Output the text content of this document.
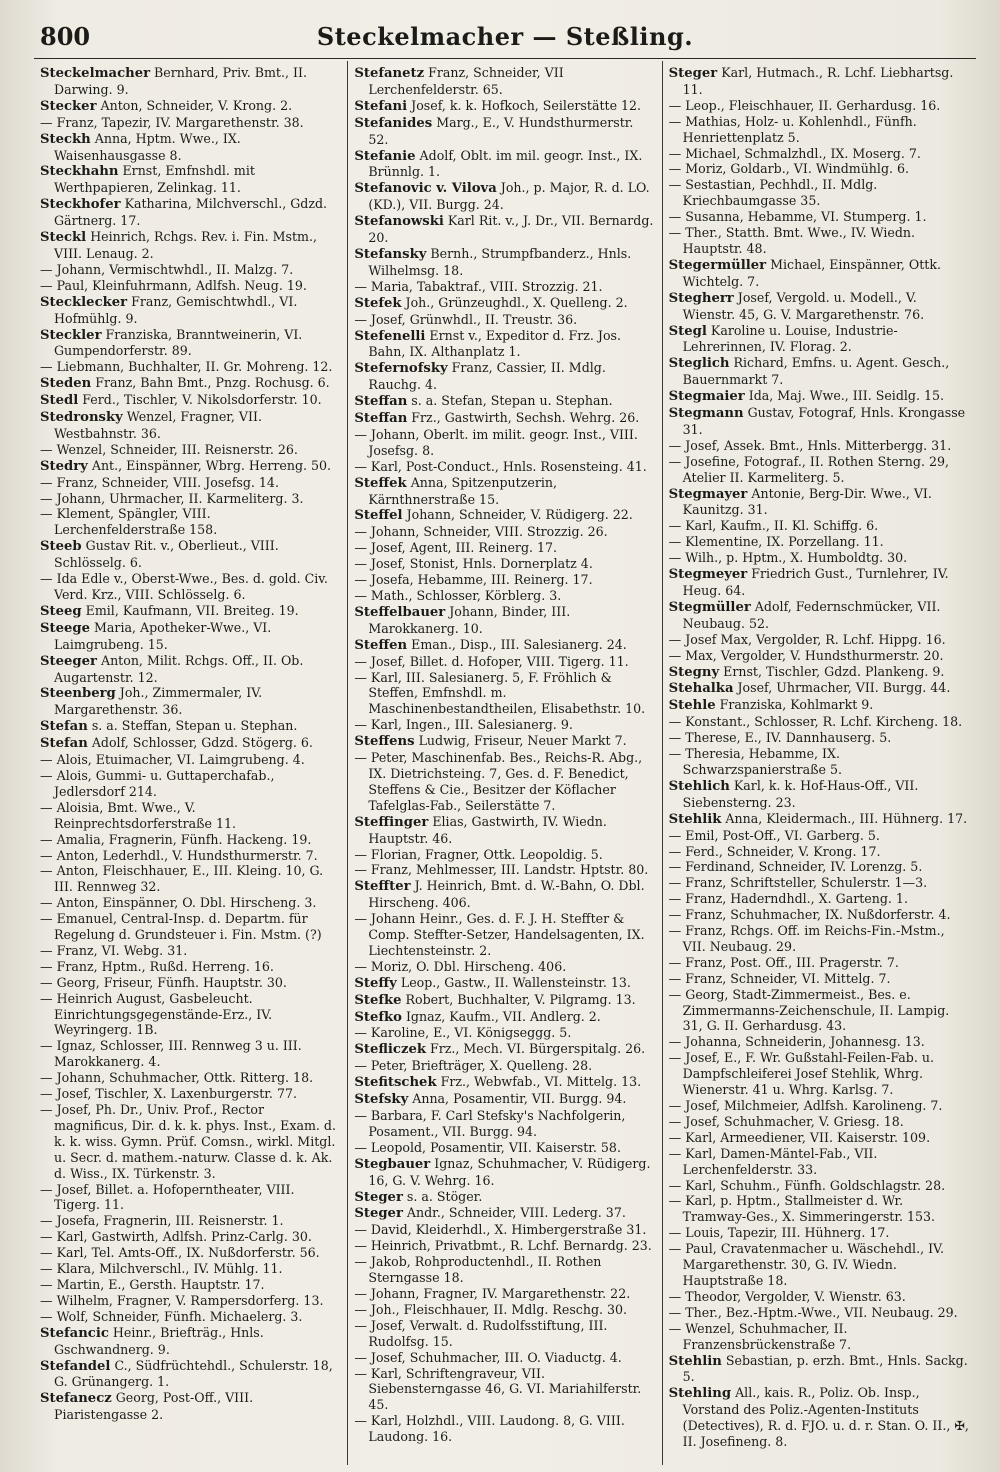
800	Steckelmacher — Steßling.

Steckelmacher Bernhard, Priv. Bmt., II. Darwing. 9.

Stecker Anton, Schneider, V. Krong. 2.

— Franz, Tapezir, IV. Margarethenstr. 38.

Steckh Anna, Hptm. Wwe., IX. Waisenhausgasse 8.

Steckhahn Ernst, Emfnshdl. mit Werthpapieren, Zelinkag. 11.

Steckhofer Katharina, Milchverschl., Gdzd. Gärtnerg. 17.

Steckl Heinrich, Rchgs. Rev. i. Fin. Mstm., VIII. Lenaug. 2.

— Johann, Vermischtwhdl., II. Malzg. 7.

— Paul, Kleinfuhrmann, Adlfsh. Neug. 19.

Stecklecker Franz, Gemischtwhdl., VI. Hofmühlg. 9.

Steckler Franziska, Branntweinerin, VI. Gumpendorferstr. 89.

— Liebmann, Buchhalter, II. Gr. Mohreng. 12.

Steden Franz, Bahn Bmt., Pnzg. Rochusg. 6.

Stedl Ferd., Tischler, V. Nikolsdorferstr. 10.

Stedronsky Wenzel, Fragner, VII. Westbahnstr. 36.

— Wenzel, Schneider, III. Reisnerstr. 26.

Stedry Ant., Einspänner, Wbrg. Herreng. 50.

— Franz, Schneider, VIII. Josefsg. 14.

— Johann, Uhrmacher, II. Karmeliterg. 3.

— Klement, Spängler, VIII. Lerchenfelderstraße 158.

Steeb Gustav Rit. v., Oberlieut., VIII. Schlösselg. 6.

— Ida Edle v., Oberst-Wwe., Bes. d. gold. Civ. Verd. Krz., VIII. Schlösselg. 6.

Steeg Emil, Kaufmann, VII. Breiteg. 19.

Steege Maria, Apotheker-Wwe., VI. Laimgrubeng. 15.

Steeger Anton, Milit. Rchgs. Off., II. Ob. Augartenstr. 12.

Steenberg Joh., Zimmermaler, IV. Margarethenstr. 36.

Stefan s. a. Steffan, Stepan u. Stephan.

Stefan Adolf, Schlosser, Gdzd. Stögerg. 6.

— Alois, Etuimacher, VI. Laimgrubeng. 4.

— Alois, Gummi- u. Guttaperchafab., Jedlersdorf 214.

— Aloisia, Bmt. Wwe., V. Reinprechtsdorferstraße 11.

— Amalia, Fragnerin, Fünfh. Hackeng. 19.

— Anton, Lederhdl., V. Hundsthurmerstr. 7.

— Anton, Fleischhauer, E., III. Kleing. 10, G. III. Rennweg 32.

— Anton, Einspänner, O. Dbl. Hirscheng. 3.

— Emanuel, Central-Insp. d. Departm. für Regelung d. Grundsteuer i. Fin. Mstm. (?)

— Franz, VI. Webg. 31.

— Franz, Hptm., Rußd. Herreng. 16.

— Georg, Friseur, Fünfh. Hauptstr. 30.

— Heinrich August, Gasbeleucht. Einrichtungsgegenstände-Erz., IV. Weyringerg. 1B.

— Ignaz, Schlosser, III. Rennweg 3 u. III. Marokkanerg. 4.

— Johann, Schuhmacher, Ottk. Ritterg. 18.

— Josef, Tischler, X. Laxenburgerstr. 77.

— Josef, Ph. Dr., Univ. Prof., Rector magnificus, Dir. d. k. k. phys. Inst., Exam. d. k. k. wiss. Gymn. Prüf. Comsn., wirkl. Mitgl. u. Secr. d. mathem.-naturw. Classe d. k. Ak. d. Wiss., IX. Türkenstr. 3.

— Josef, Billet. a. Hofoperntheater, VIII. Tigerg. 11.

— Josefa, Fragnerin, III. Reisnerstr. 1.

— Karl, Gastwirth, Adlfsh. Prinz-Carlg. 30.

— Karl, Tel. Amts-Off., IX. Nußdorferstr. 56.

— Klara, Milchverschl., IV. Mühlg. 11.

— Martin, E., Gersth. Hauptstr. 17.

— Wilhelm, Fragner, V. Rampersdorferg. 13.

— Wolf, Schneider, Fünfh. Michaelerg. 3.

Stefancic Heinr., Briefträg., Hnls. Gschwandnerg. 9.

Stefandel C., Südfrüchtehdl., Schulerstr. 18, G. Grünangerg. 1.

Stefanecz Georg, Post-Off., VIII. Piaristengasse 2.

Stefanetz Franz, Schneider, VII Lerchenfelderstr. 65.

Stefani Josef, k. k. Hofkoch, Seilerstätte 12.

Stefanides Marg., E., V. Hundsthurmerstr. 52.

Stefanie Adolf, Oblt. im mil. geogr. Inst., IX. Brünnlg. 1.

Stefanovic v. Vilova Joh., p. Major, R. d. LO. (KD.), VII. Burgg. 24.

Stefanowski Karl Rit. v., J. Dr., VII. Bernardg. 20.

Stefansky Bernh., Strumpfbanderz., Hnls. Wilhelmsg. 18.

— Maria, Tabaktraf., VIII. Strozzig. 21.

Stefek Joh., Grünzeughdl., X. Quelleng. 2.

— Josef, Grünwhdl., II. Treustr. 36.

Stefenelli Ernst v., Expeditor d. Frz. Jos. Bahn, IX. Althanplatz 1.

Stefernofsky Franz, Cassier, II. Mdlg. Rauchg. 4.

Steffan s. a. Stefan, Stepan u. Stephan.

Steffan Frz., Gastwirth, Sechsh. Wehrg. 26.

— Johann, Oberlt. im milit. geogr. Inst., VIII. Josefsg. 8.

— Karl, Post-Conduct., Hnls. Rosensteing. 41.

Steffek Anna, Spitzenputzerin, Kärnthnerstraße 15.

Steffel Johann, Schneider, V. Rüdigerg. 22.

— Johann, Schneider, VIII. Strozzig. 26.

— Josef, Agent, III. Reinerg. 17.

— Josef, Stonist, Hnls. Dornerplatz 4.

— Josefa, Hebamme, III. Reinerg. 17.

— Math., Schlosser, Körblerg. 3.

Steffelbauer Johann, Binder, III. Marokkanerg. 10.

Steffen Eman., Disp., III. Salesianerg. 24.

— Josef, Billet. d. Hofoper, VIII. Tigerg. 11.

— Karl, III. Salesianerg. 5, F. Fröhlich & Steffen, Emfnshdl. m. Maschinenbestandtheilen, Elisabethstr. 10.

— Karl, Ingen., III. Salesianerg. 9.

Steffens Ludwig, Friseur, Neuer Markt 7.

— Peter, Maschinenfab. Bes., Reichs-R. Abg., IX. Dietrichsteing. 7, Ges. d. F. Benedict, Steffens & Cie., Besitzer der Köflacher Tafelglas-Fab., Seilerstätte 7.

Steffinger Elias, Gastwirth, IV. Wiedn. Hauptstr. 46.

— Florian, Fragner, Ottk. Leopoldig. 5.

— Franz, Mehlmesser, III. Landstr. Hptstr. 80.

Steffter J. Heinrich, Bmt. d. W.-Bahn, O. Dbl. Hirscheng. 406.

— Johann Heinr., Ges. d. F. J. H. Steffter & Comp. Steffter-Setzer, Handelsagenten, IX. Liechtensteinstr. 2.

— Moriz, O. Dbl. Hirscheng. 406.

Steffy Leop., Gastw., II. Wallensteinstr. 13.

Stefke Robert, Buchhalter, V. Pilgramg. 13.

Stefko Ignaz, Kaufm., VII. Andlerg. 2.

— Karoline, E., VI. Königseggg. 5.

Stefliczek Frz., Mech. VI. Bürgerspitalg. 26.

— Peter, Briefträger, X. Quelleng. 28.

Stefitschek Frz., Webwfab., VI. Mittelg. 13.

Stefsky Anna, Posamentir, VII. Burgg. 94.

— Barbara, F. Carl Stefsky's Nachfolgerin, Posament., VII. Burgg. 94.

— Leopold, Posamentir, VII. Kaiserstr. 58.

Stegbauer Ignaz, Schuhmacher, V. Rüdigerg. 16, G. V. Wehrg. 16.

Steger s. a. Stöger.

Steger Andr., Schneider, VIII. Lederg. 37.

— David, Kleiderhdl., X. Himbergerstraße 31.

— Heinrich, Privatbmt., R. Lchf. Bernardg. 23.

— Jakob, Rohproductenhdl., II. Rothen Sterngasse 18.

— Johann, Fragner, IV. Margarethenstr. 22.

— Joh., Fleischhauer, II. Mdlg. Reschg. 30.

— Josef, Verwalt. d. Rudolfsstiftung, III. Rudolfsg. 15.

— Josef, Schuhmacher, III. O. Viaductg. 4.

— Karl, Schriftengraveur, VII. Siebensterngasse 46, G. VI. Mariahilferstr. 45.

— Karl, Holzhdl., VIII. Laudong. 8, G. VIII. Laudong. 16.

Steger Karl, Hutmach., R. Lchf. Liebhartsg. 11.

— Leop., Fleischhauer, II. Gerhardusg. 16.

— Mathias, Holz- u. Kohlenhdl., Fünfh. Henriettenplatz 5.

— Michael, Schmalzhdl., IX. Moserg. 7.

— Moriz, Goldarb., VI. Windmühlg. 6.

— Sestastian, Pechhdl., II. Mdlg. Kriechbaumgasse 35.

— Susanna, Hebamme, VI. Stumperg. 1.

— Ther., Statth. Bmt. Wwe., IV. Wiedn. Hauptstr. 48.

Stegermüller Michael, Einspänner, Ottk. Wichtelg. 7.

Stegherr Josef, Vergold. u. Modell., V. Wienstr. 45, G. V. Margarethenstr. 76.

Stegl Karoline u. Louise, Industrie-Lehrerinnen, IV. Florag. 2.

Steglich Richard, Emfns. u. Agent. Gesch., Bauernmarkt 7.

Stegmaier Ida, Maj. Wwe., III. Seidlg. 15.

Stegmann Gustav, Fotograf, Hnls. Krongasse 31.

— Josef, Assek. Bmt., Hnls. Mitterbergg. 31.

— Josefine, Fotograf., II. Rothen Sterng. 29, Atelier II. Karmeliterg. 5.

Stegmayer Antonie, Berg-Dir. Wwe., VI. Kaunitzg. 31.

— Karl, Kaufm., II. Kl. Schiffg. 6.

— Klementine, IX. Porzellang. 11.

— Wilh., p. Hptm., X. Humboldtg. 30.

Stegmeyer Friedrich Gust., Turnlehrer, IV. Heug. 64.

Stegmüller Adolf, Federnschmücker, VII. Neubaug. 52.

— Josef Max, Vergolder, R. Lchf. Hippg. 16.

— Max, Vergolder, V. Hundsthurmerstr. 20.

Stegny Ernst, Tischler, Gdzd. Plankeng. 9.

Stehalka Josef, Uhrmacher, VII. Burgg. 44.

Stehle Franziska, Kohlmarkt 9.

— Konstant., Schlosser, R. Lchf. Kircheng. 18.

— Therese, E., IV. Dannhauserg. 5.

— Theresia, Hebamme, IX. Schwarzspanierstraße 5.

Stehlich Karl, k. k. Hof-Haus-Off., VII. Siebensterng. 23.

Stehlik Anna, Kleidermach., III. Hühnerg. 17.

— Emil, Post-Off., VI. Garberg. 5.

— Ferd., Schneider, V. Krong. 17.

— Ferdinand, Schneider, IV. Lorenzg. 5.

— Franz, Schriftsteller, Schulerstr. 1—3.

— Franz, Haderndhdl., X. Garteng. 1.

— Franz, Schuhmacher, IX. Nußdorferstr. 4.

— Franz, Rchgs. Off. im Reichs-Fin.-Mstm., VII. Neubaug. 29.

— Franz, Post. Off., III. Pragerstr. 7.

— Franz, Schneider, VI. Mittelg. 7.

— Georg, Stadt-Zimmermeist., Bes. e. Zimmermanns-Zeichenschule, II. Lampig. 31, G. II. Gerhardusg. 43.

— Johanna, Schneiderin, Johannesg. 13.

— Josef, E., F. Wr. Gußstahl-Feilen-Fab. u. Dampfschleiferei Josef Stehlik, Whrg. Wienerstr. 41 u. Whrg. Karlsg. 7.

— Josef, Milchmeier, Adlfsh. Karolineng. 7.

— Josef, Schuhmacher, V. Griesg. 18.

— Karl, Armeediener, VII. Kaiserstr. 109.

— Karl, Damen-Mäntel-Fab., VII. Lerchenfelderstr. 33.

— Karl, Schuhm., Fünfh. Goldschlagstr. 28.

— Karl, p. Hptm., Stallmeister d. Wr. Tramway-Ges., X. Simmeringerstr. 153.

— Louis, Tapezir, III. Hühnerg. 17.

— Paul, Cravatenmacher u. Wäschehdl., IV. Margarethenstr. 30, G. IV. Wiedn. Hauptstraße 18.

— Theodor, Vergolder, V. Wienstr. 63.

— Ther., Bez.-Hptm.-Wwe., VII. Neubaug. 29.

— Wenzel, Schuhmacher, II. Franzensbrückenstraße 7.

Stehlin Sebastian, p. erzh. Bmt., Hnls. Sackg. 5.

Stehling All., kais. R., Poliz. Ob. Insp., Vorstand des Poliz.-Agenten-Instituts (Detectives), R. d. FJO. u. d. r. Stan. O. II., ✠, II. Josefineng. 8.
